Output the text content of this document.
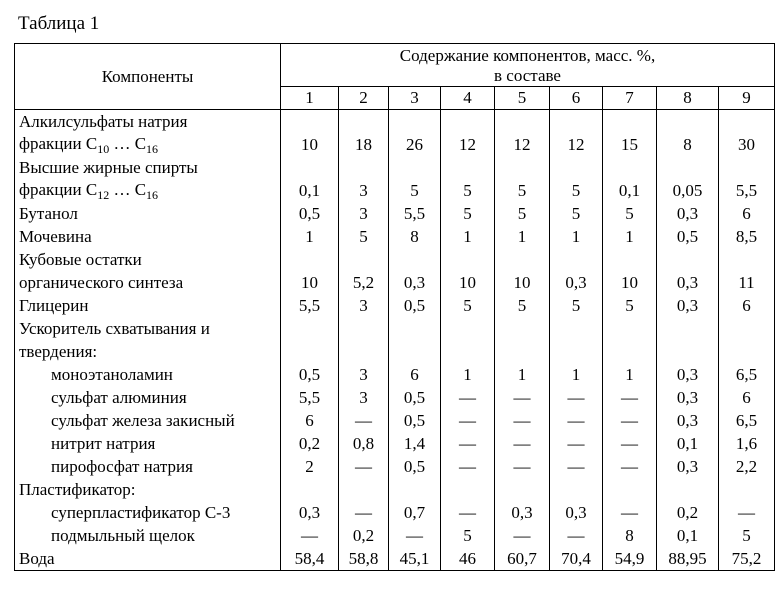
Таблица 1
Компоненты	Содержание компонентов, масс. %,
в составе								

	1	2	3	4	5	6	7	8	9
Алкилсульфаты натрия									
фракции $С_{10}$ … $С_{16}$	10	18	26	12	12	12	15	8	30
Высшие жирные спирты									
фракции $С_{12}$ … $С_{16}$	0,1	3	5	5	5	5	0,1	0,05	5,5
Бутанол	0,5	3	5,5	5	5	5	5	0,3	6
Мочевина	1	5	8	1	1	1	1	0,5	8,5
Кубовые остатки									
органического синтеза	10	5,2	0,3	10	10	0,3	10	0,3	11
Глицерин	5,5	3	0,5	5	5	5	5	0,3	6
Ускоритель схватывания и									
твердения:									
моноэтаноламин	0,5	3	6	1	1	1	1	0,3	6,5
сульфат алюминия	5,5	3	0,5	—	—	—	—	0,3	6
сульфат железа закисный	6	—	0,5	—	—	—	—	0,3	6,5
нитрит натрия	0,2	0,8	1,4	—	—	—	—	0,1	1,6
пирофосфат натрия	2	—	0,5	—	—	—	—	0,3	2,2
Пластификатор:									
суперпластификатор С-3	0,3	—	0,7	—	0,3	0,3	—	0,2	—
подмыльный щелок	—	0,2	—	5	—	—	8	0,1	5
Вода	58,4	58,8	45,1	46	60,7	70,4	54,9	88,95	75,2
